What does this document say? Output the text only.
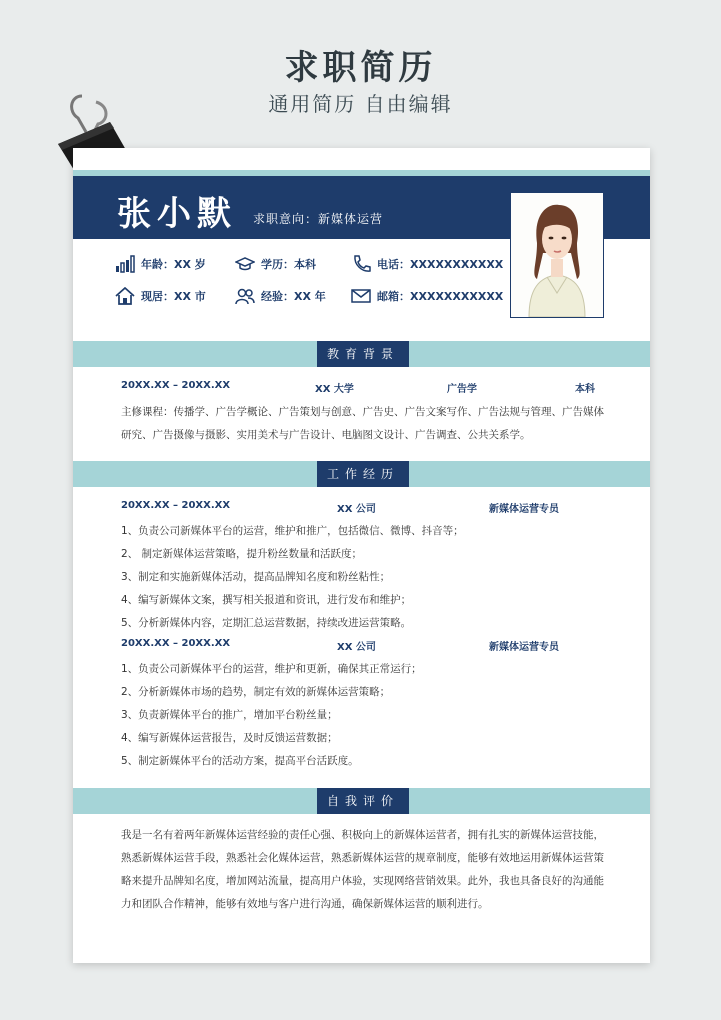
求职简历
通用简历 自由编辑
张小默 求职意向：新媒体运营
年龄：XX 岁	学历：本科	电话：XXXXXXXXXXX
现居：XX 市	经验：XX 年	邮箱：XXXXXXXXXXX
教育背景
20XX.XX – 20XX.XX	XX 大学	广告学	本科
主修课程：传播学、广告学概论、广告策划与创意、广告史、广告文案写作、广告法规与管理、广告媒体
研究、广告摄像与摄影、实用美术与广告设计、电脑图文设计、广告调查、公共关系学。
工作经历
20XX.XX – 20XX.XX	XX 公司	新媒体运营专员
1、负责公司新媒体平台的运营，维护和推广，包括微信、微博、抖音等；
2、 制定新媒体运营策略，提升粉丝数量和活跃度；
3、制定和实施新媒体活动，提高品牌知名度和粉丝粘性；
4、编写新媒体文案，撰写相关报道和资讯，进行发布和维护；
5、分析新媒体内容，定期汇总运营数据，持续改进运营策略。
20XX.XX – 20XX.XX	XX 公司	新媒体运营专员
1、负责公司新媒体平台的运营，维护和更新，确保其正常运行；
2、分析新媒体市场的趋势，制定有效的新媒体运营策略；
3、负责新媒体平台的推广，增加平台粉丝量；
4、编写新媒体运营报告，及时反馈运营数据；
5、制定新媒体平台的活动方案，提高平台活跃度。
自我评价
我是一名有着两年新媒体运营经验的责任心强、积极向上的新媒体运营者，拥有扎实的新媒体运营技能，
熟悉新媒体运营手段，熟悉社会化媒体运营，熟悉新媒体运营的规章制度，能够有效地运用新媒体运营策
略来提升品牌知名度，增加网站流量，提高用户体验，实现网络营销效果。此外，我也具备良好的沟通能
力和团队合作精神，能够有效地与客户进行沟通，确保新媒体运营的顺利进行。
